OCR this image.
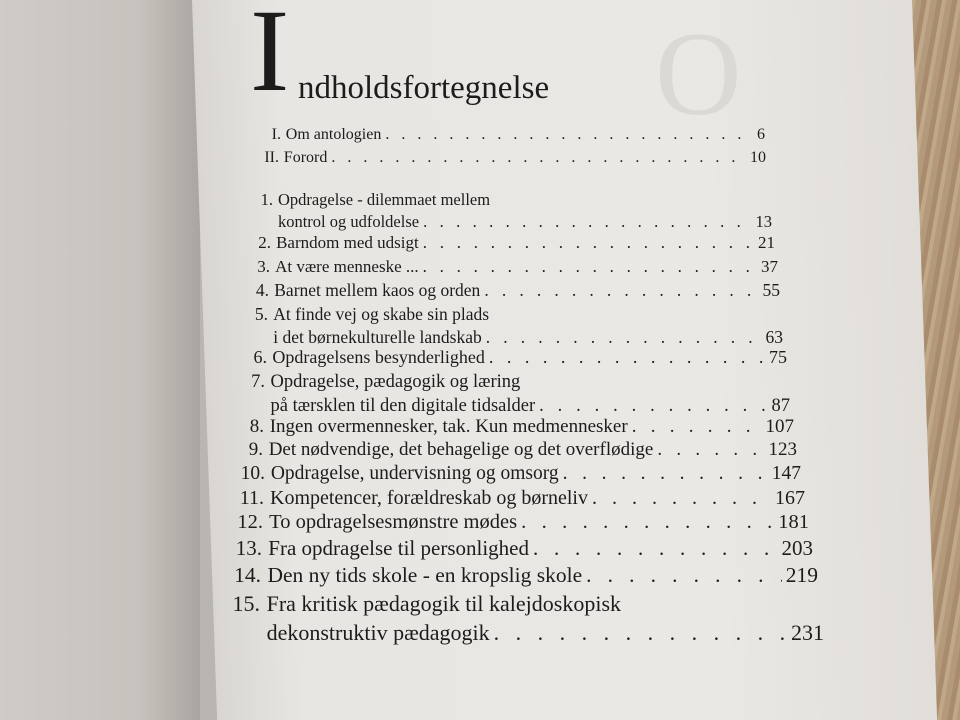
O
I ndholdsfortegnelse
I. Om antologien . . .	6
II. Forord . . .	10
1. Opdragelse - dilemmaet mellem
kontrol og udfoldelse . . .	13
2. Barndom med udsigt . . .	21
3. At være menneske ... . . .	37
4. Barnet mellem kaos og orden . . .	55
5. At finde vej og skabe sin plads
i det børnekulturelle landskab . . .	63
6. Opdragelsens besynderlighed . . .	75
7. Opdragelse, pædagogik og læring
på tærsklen til den digitale tidsalder . . .	87
8. Ingen overmennesker, tak. Kun medmennesker . . .	107
9. Det nødvendige, det behagelige og det overflødige . . .	123
10. Opdragelse, undervisning og omsorg . . .	147
11. Kompetencer, forældreskab og børneliv . . .	167
12. To opdragelsesmønstre mødes . . .	181
13. Fra opdragelse til personlighed . . .	203
14. Den ny tids skole - en kropslig skole . . .	219
15. Fra kritisk pædagogik til kalejdoskopisk
dekonstruktiv pædagogik . . .	231
